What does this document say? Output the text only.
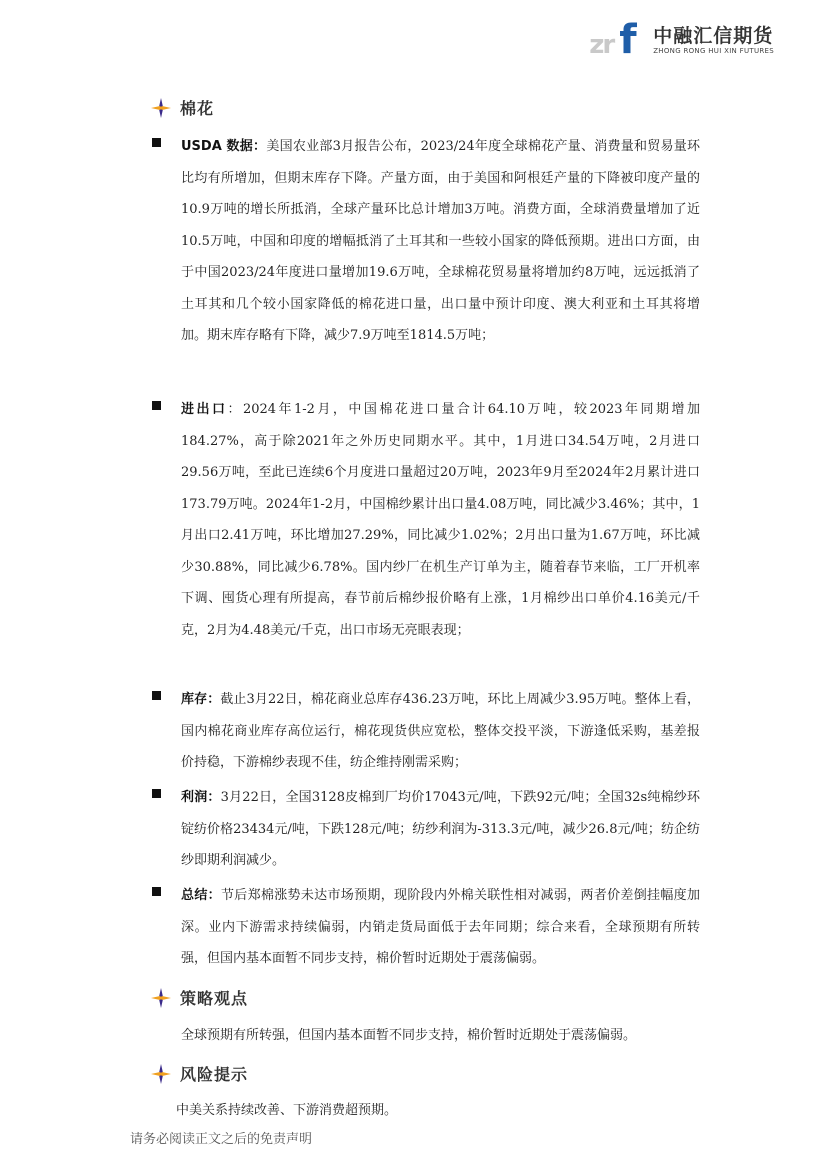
zr f 中融汇信期货
ZHONG RONG HUI XIN FUTURES
棉花
USDA 数据：美国农业部3月报告公布，2023/24年度全球棉花产量、消费量和贸易量环比均有所增加，但期末库存下降。产量方面，由于美国和阿根廷产量的下降被印度产量的10.9万吨的增长所抵消，全球产量环比总计增加3万吨。消费方面，全球消费量增加了近10.5万吨，中国和印度的增幅抵消了土耳其和一些较小国家的降低预期。进出口方面，由于中国2023/24年度进口量增加19.6万吨，全球棉花贸易量将增加约8万吨，远远抵消了土耳其和几个较小国家降低的棉花进口量，出口量中预计印度、澳大利亚和土耳其将增加。期末库存略有下降，减少7.9万吨至1814.5万吨；
进出口：2024年1-2月，中国棉花进口量合计64.10万吨，较2023年同期增加184.27%，高于除2021年之外历史同期水平。其中，1月进口34.54万吨，2月进口29.56万吨，至此已连续6个月度进口量超过20万吨，2023年9月至2024年2月累计进口173.79万吨。2024年1-2月，中国棉纱累计出口量4.08万吨，同比减少3.46%；其中，1月出口2.41万吨，环比增加27.29%，同比减少1.02%；2月出口量为1.67万吨，环比减少30.88%，同比减少6.78%。国内纱厂在机生产订单为主，随着春节来临，工厂开机率下调、囤货心理有所提高，春节前后棉纱报价略有上涨，1月棉纱出口单价4.16美元/千克，2月为4.48美元/千克，出口市场无亮眼表现；
库存：截止3月22日，棉花商业总库存436.23万吨，环比上周减少3.95万吨。整体上看，国内棉花商业库存高位运行，棉花现货供应宽松，整体交投平淡，下游逢低采购，基差报价持稳，下游棉纱表现不佳，纺企维持刚需采购；
利润：3月22日，全国3128皮棉到厂均价17043元/吨，下跌92元/吨；全国32s纯棉纱环锭纺价格23434元/吨，下跌128元/吨；纺纱利润为-313.3元/吨，减少26.8元/吨；纺企纺纱即期利润减少。
总结：节后郑棉涨势未达市场预期，现阶段内外棉关联性相对减弱，两者价差倒挂幅度加深。业内下游需求持续偏弱，内销走货局面低于去年同期；综合来看，全球预期有所转强，但国内基本面暂不同步支持，棉价暂时近期处于震荡偏弱。
策略观点
全球预期有所转强，但国内基本面暂不同步支持，棉价暂时近期处于震荡偏弱。
风险提示
中美关系持续改善、下游消费超预期。
请务必阅读正文之后的免责声明
